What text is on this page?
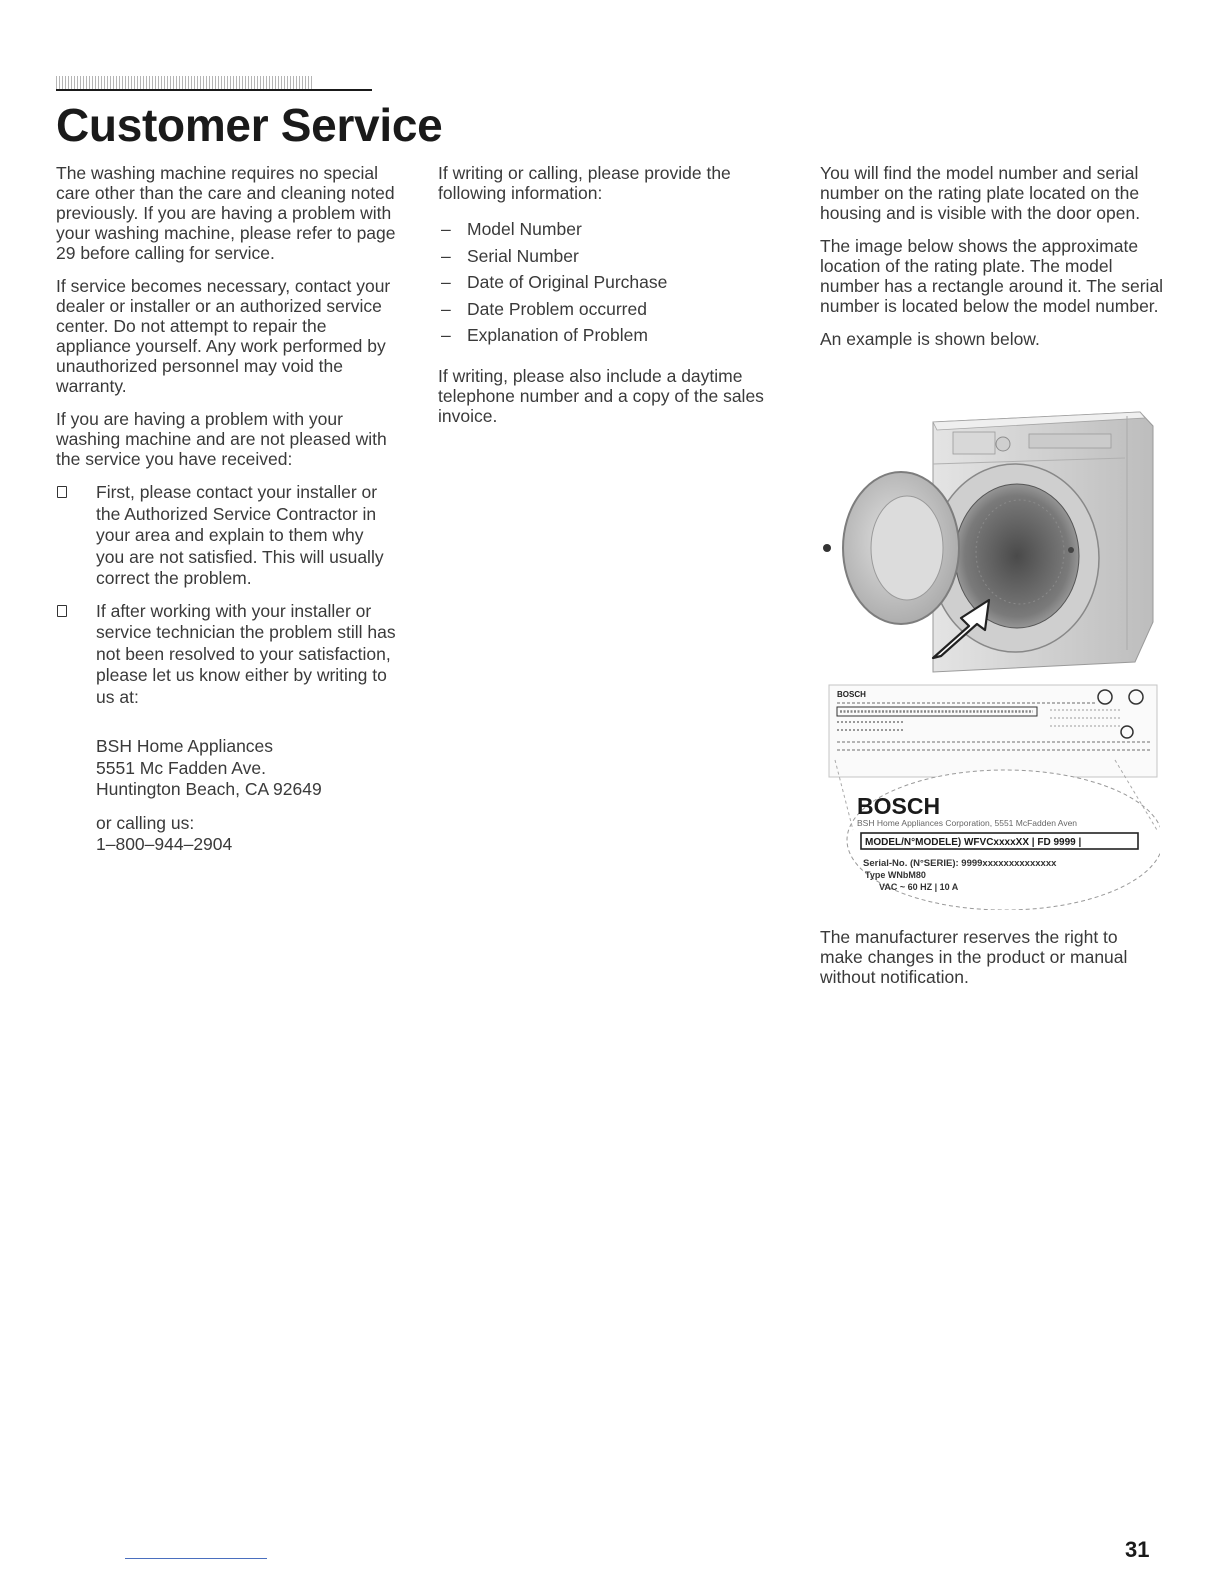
Customer Service

The washing machine requires no special care other than the care and cleaning noted previously. If you are having a problem with your washing machine, please refer to page 29 before calling for service.

If service becomes necessary, contact your dealer or installer or an authorized service center. Do not attempt to repair the appliance yourself. Any work performed by unauthorized personnel may void the warranty.

If you are having a problem with your washing machine and are not pleased with the service you have received:

First, please contact your installer or the Authorized Service Contractor in your area and explain to them why you are not satisfied. This will usually correct the problem.
If after working with your installer or service technician the problem still has not been resolved to your satisfaction, please let us know either by writing to us at:
BSH Home Appliances
5551 Mc Fadden Ave.
Huntington Beach, CA 92649
or calling us:
1–800–944–2904

If writing or calling, please provide the following information:

– Model Number
– Serial Number
– Date of Original Purchase
– Date Problem occurred
– Explanation of Problem

If writing, please also include a daytime telephone number and a copy of the sales invoice.

You will find the model number and serial number on the rating plate located on the housing and is visible with the door open.

The image below shows the approximate location of the rating plate. The model number has a rectangle around it. The serial number is located below the model number.

An example is shown below.

BOSCH
BOSCH
BSH Home Appliances Corporation, 5551 McFadden Aven
MODEL/N°MODELE) WFVCxxxxXX | FD 9999 |
Serial-No. (N°SERIE): 9999xxxxxxxxxxxxxx
Type WNbM80
VAC ~ 60 HZ | 10 A

The manufacturer reserves the right to make changes in the product or manual without notification.

31
